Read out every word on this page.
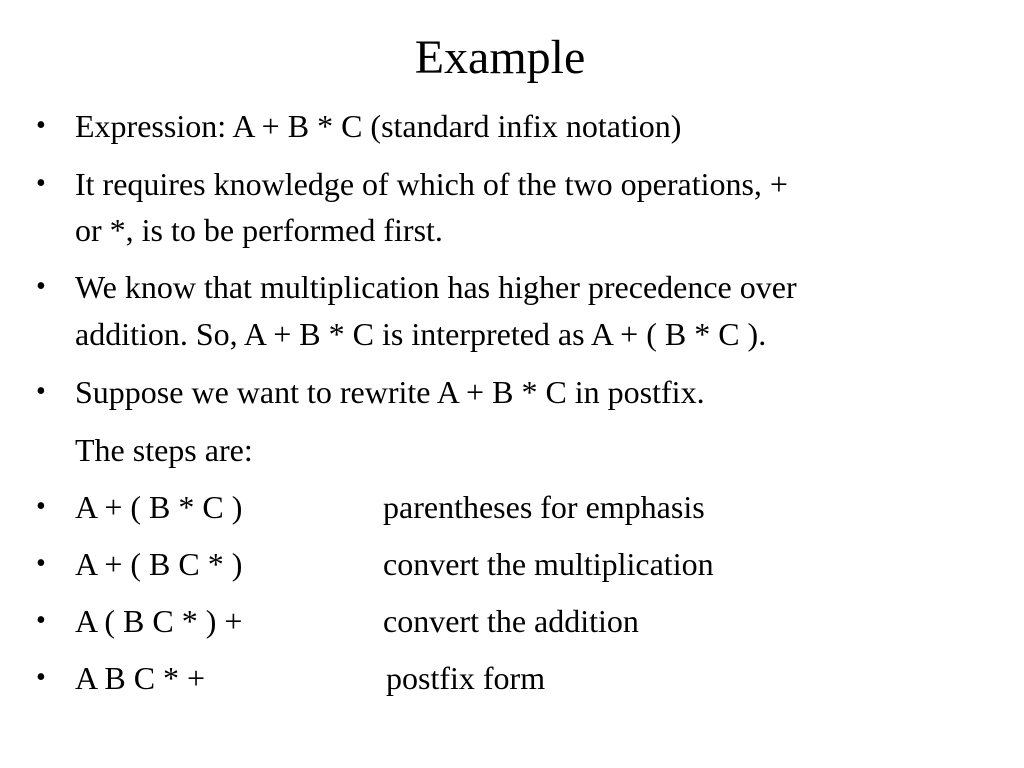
Example
• Expression: A + B * C (standard infix notation)
• It requires knowledge of which of the two operations, +
or *, is to be performed first.
• We know that multiplication has higher precedence over
addition. So, A + B * C is interpreted as A + ( B * C ).
• Suppose we want to rewrite A + B * C in postfix.
The steps are:
• A + ( B * C )	parentheses for emphasis
• A + ( B C * )	convert the multiplication
• A ( B C * ) +	convert the addition
• A B C * +	postfix form
